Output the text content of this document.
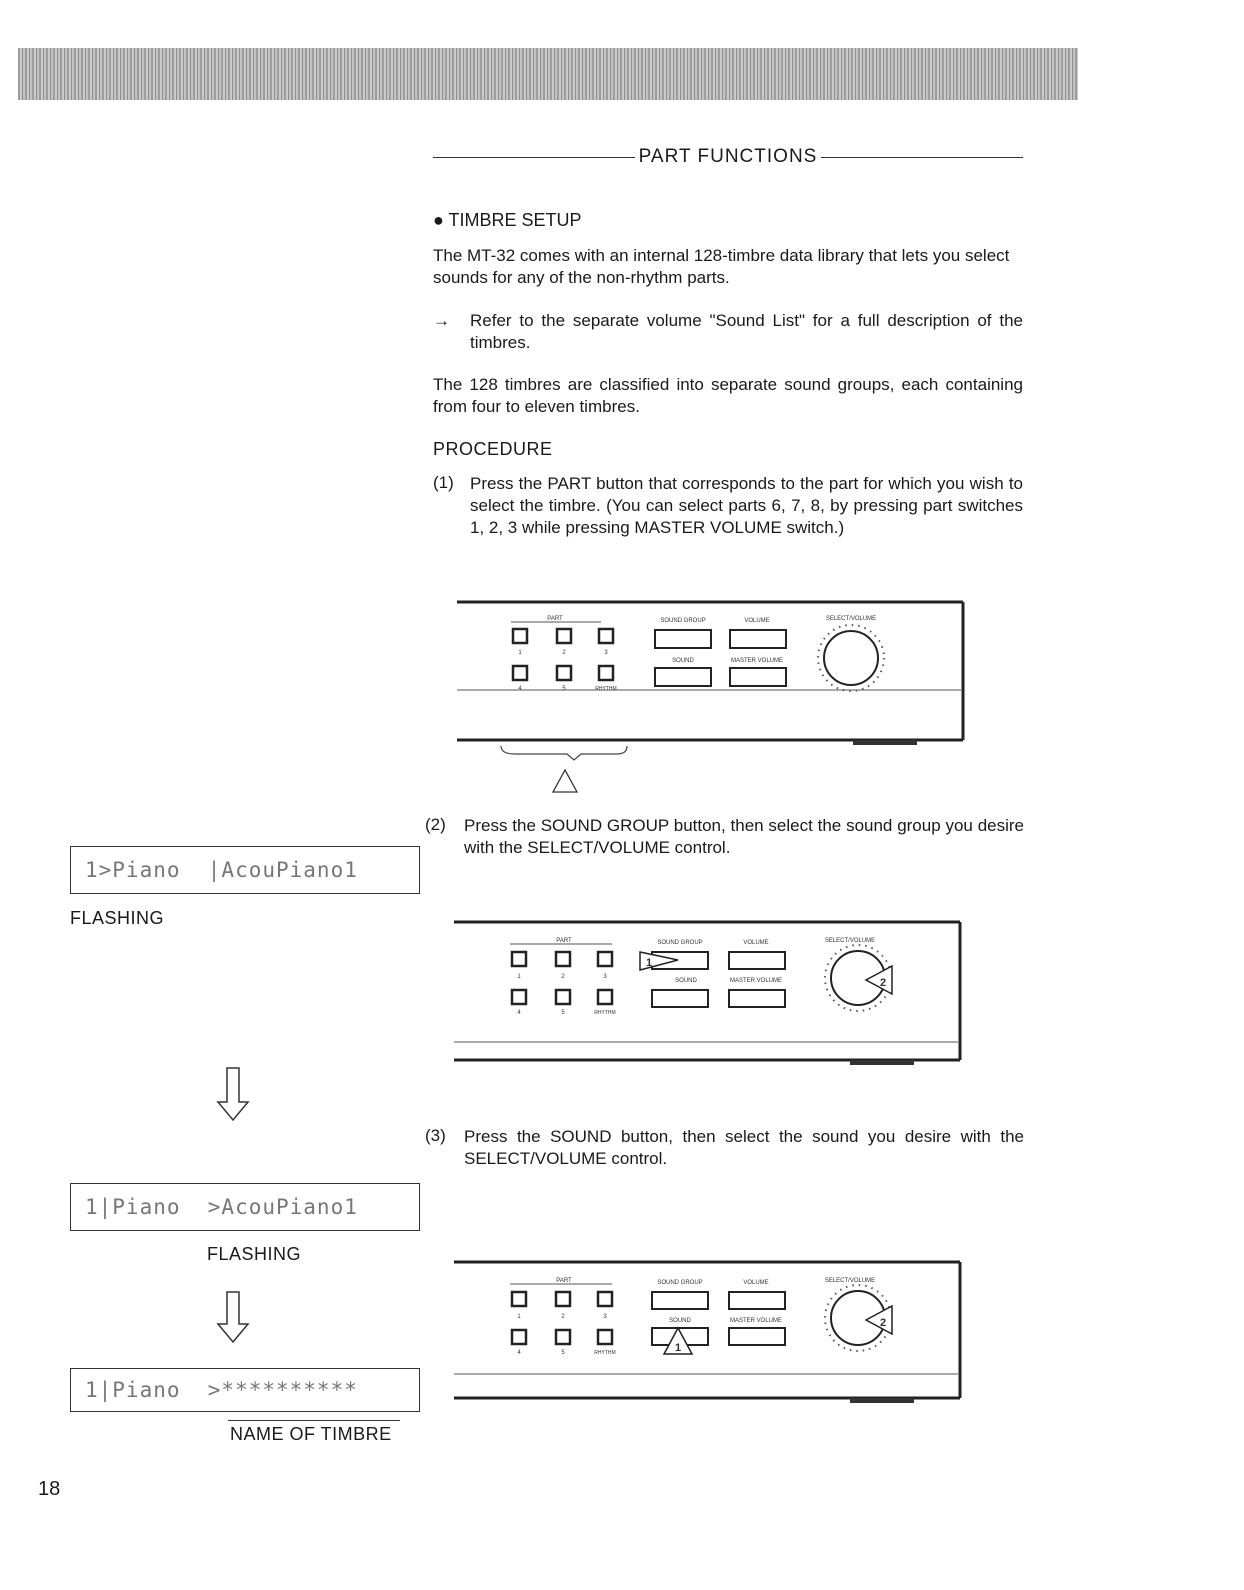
PART FUNCTIONS
● TIMBRE SETUP
The MT-32 comes with an internal 128-timbre data library that lets you select sounds for any of the non-rhythm parts.
→ Refer to the separate volume "Sound List" for a full description of the timbres.
The 128 timbres are classified into separate sound groups, each containing from four to eleven timbres.
PROCEDURE
(1) Press the PART button that corresponds to the part for which you wish to select the timbre. (You can select parts 6, 7, 8, by pressing part switches 1, 2, 3 while pressing MASTER VOLUME switch.)
(2) Press the SOUND GROUP button, then select the sound group you desire with the SELECT/VOLUME control.
(3) Press the SOUND button, then select the sound you desire with the SELECT/VOLUME control.
PART
1	2	3
4	5	RHYTHM
SOUND GROUP	VOLUME
SOUND	MASTER VOLUME
SELECT/VOLUME
PART
1	2	3
4	5	RHYTHM
SOUND GROUP	VOLUME
SOUND	MASTER VOLUME
SELECT/VOLUME
1
2
PART
1	2	3
4	5	RHYTHM
SOUND GROUP	VOLUME
SOUND	MASTER VOLUME
SELECT/VOLUME
1
2
1>Piano  |AcouPiano1
FLASHING
1|Piano  >AcouPiano1
FLASHING
1|Piano  >**********
NAME OF TIMBRE
18
